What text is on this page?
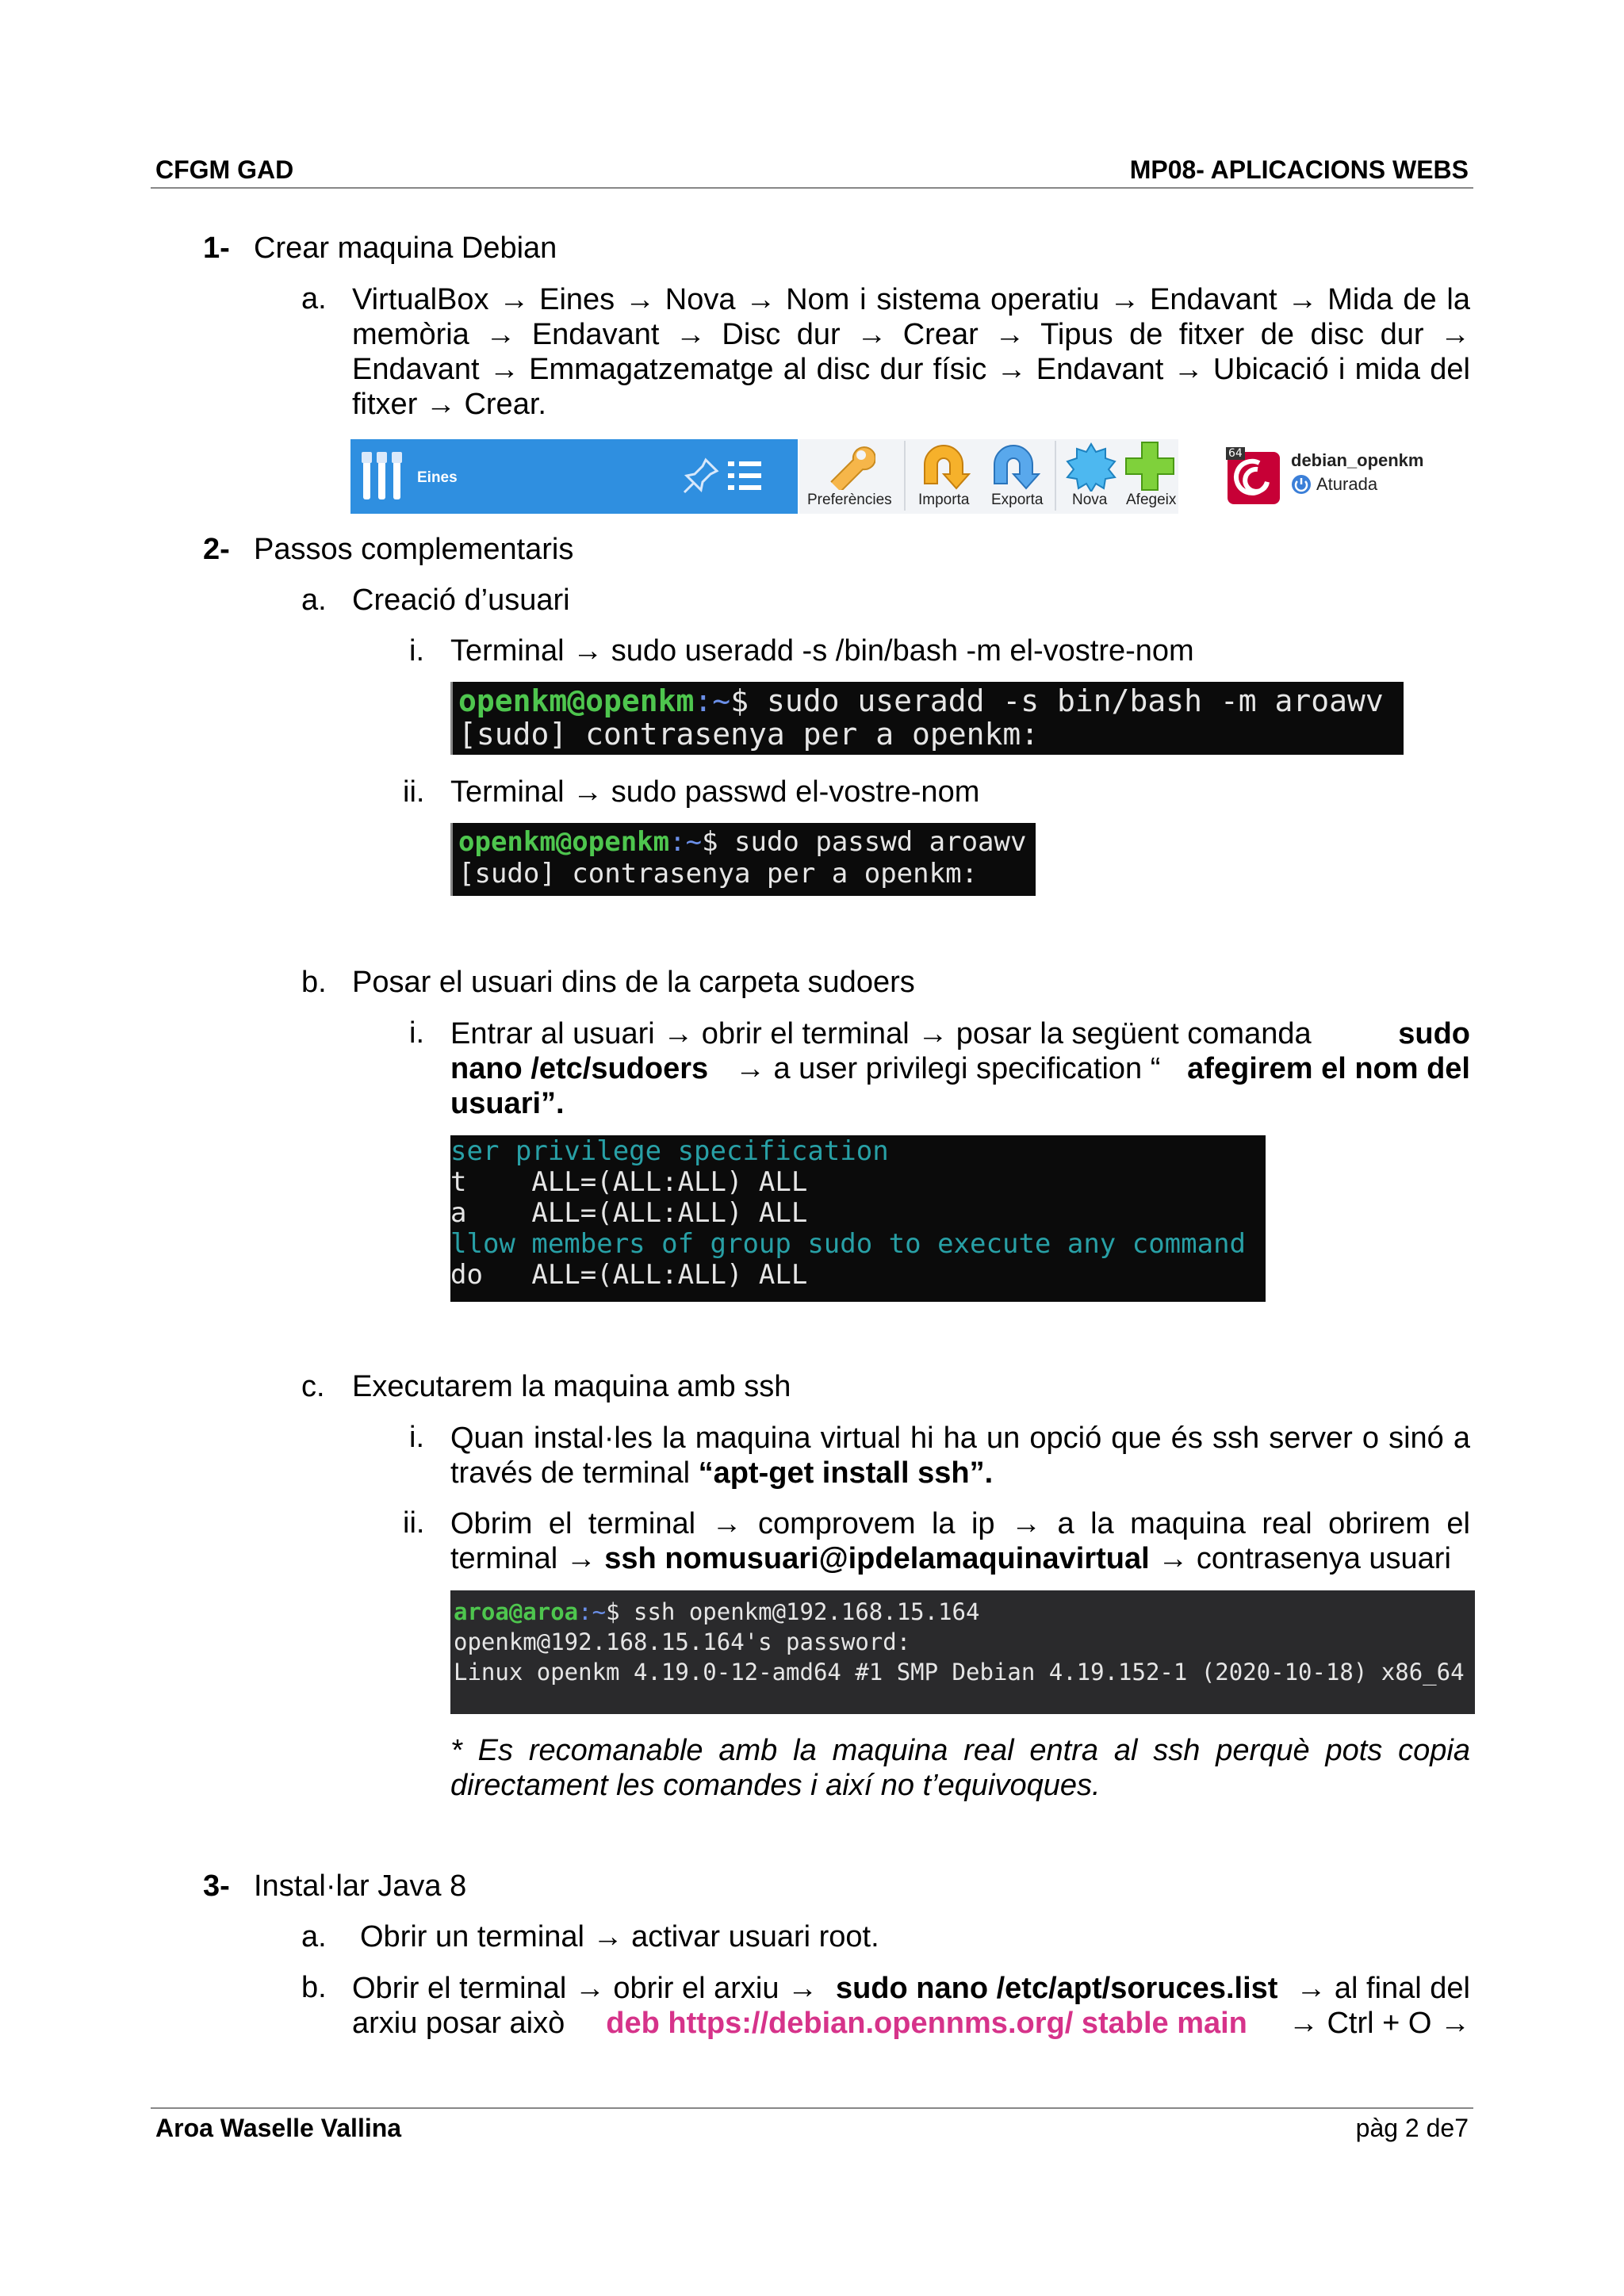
CFGM GAD	MP08- APLICACIONS WEBS
1- Crear maquina Debian
a. VirtualBox → Eines → Nova → Nom i sistema operatiu → Endavant → Mida de la
memòria → Endavant → Disc dur → Crear → Tipus de fitxer de disc dur →
Endavant → Emmagatzematge al disc dur físic → Endavant → Ubicació i mida del
fitxer → Crear.
Eines
Preferències Importa Exporta Nova Afegeix
64	debian_openkm
Aturada
2- Passos complementaris
a. Creació d’usuari
i. Terminal → sudo useradd -s /bin/bash -m el-vostre-nom

openkm@openkm:~$ sudo useradd -s bin/bash -m aroawv

[sudo] contrasenya per a openkm:

ii. Terminal → sudo passwd el-vostre-nom

openkm@openkm:~$ sudo passwd aroawv

[sudo] contrasenya per a openkm:

b. Posar el usuari dins de la carpeta sudoers
i. Entrar al usuari → obrir el terminal → posar la següent comanda	sudo
nano /etc/sudoers → a user privilegi specification “ afegirem el nom del
usuari”.

ser privilege specification

t    ALL=(ALL:ALL) ALL

a    ALL=(ALL:ALL) ALL

llow members of group sudo to execute any command

do   ALL=(ALL:ALL) ALL

c. Executarem la maquina amb ssh
i. Quan instal·les la maquina virtual hi ha un opció que és ssh server o sinó a
través de terminal “apt-get install ssh”.
ii. Obrim el terminal → comprovem la ip → a la maquina real obrirem el
terminal → ssh nomusuari@ipdelamaquinavirtual → contrasenya usuari

aroa@aroa:~$ ssh openkm@192.168.15.164

openkm@192.168.15.164's password:

Linux openkm 4.19.0-12-amd64 #1 SMP Debian 4.19.152-1 (2020-10-18) x86_64

* Es recomanable amb la maquina real entra al ssh perquè pots copia
directament les comandes i així no t’equivoques.
3- Instal·lar Java 8
a. Obrir un terminal → activar usuari root.
b. Obrir el terminal → obrir el arxiu → sudo nano /etc/apt/soruces.list → al final del
arxiu posar això deb https://debian.opennms.org/ stable main → Ctrl + O →
Aroa Waselle Vallina	pàg 2 de7
